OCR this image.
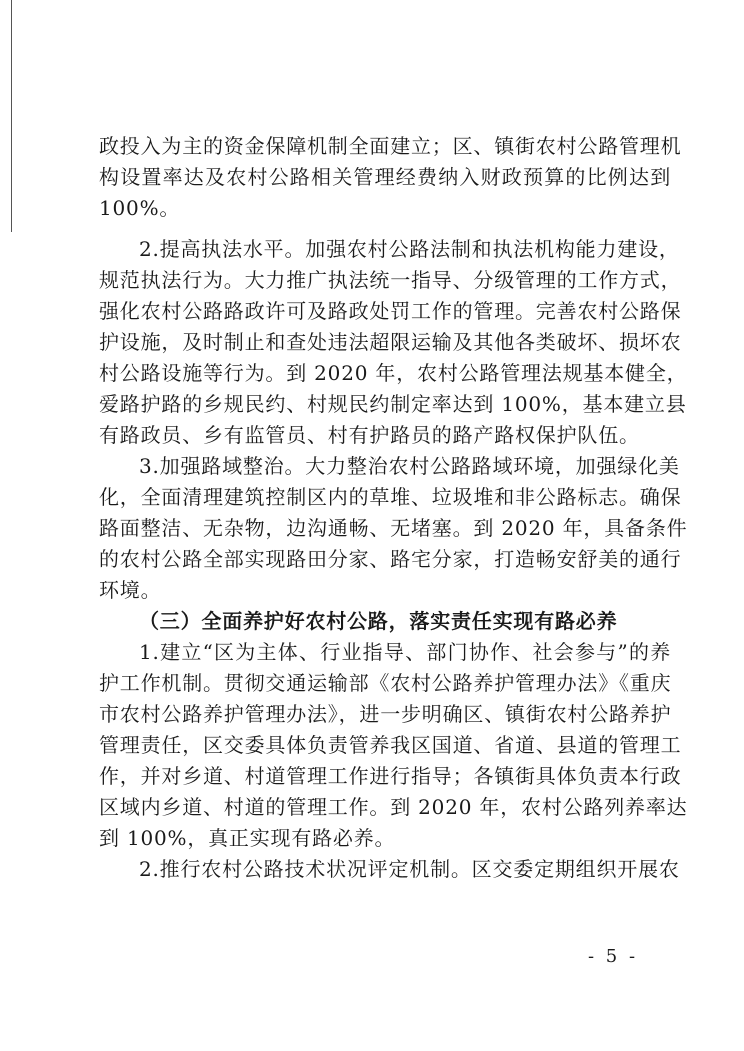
政投入为主的资金保障机制全面建立；区、镇街农村公路管理机
构设置率达及农村公路相关管理经费纳入财政预算的比例达到
100%。
2.提高执法水平。加强农村公路法制和执法机构能力建设，
规范执法行为。大力推广执法统一指导、分级管理的工作方式，
强化农村公路路政许可及路政处罚工作的管理。完善农村公路保
护设施，及时制止和查处违法超限运输及其他各类破坏、损坏农
村公路设施等行为。到 2020 年，农村公路管理法规基本健全，
爱路护路的乡规民约、村规民约制定率达到 100%，基本建立县
有路政员、乡有监管员、村有护路员的路产路权保护队伍。
3.加强路域整治。大力整治农村公路路域环境，加强绿化美
化，全面清理建筑控制区内的草堆、垃圾堆和非公路标志。确保
路面整洁、无杂物，边沟通畅、无堵塞。到 2020 年，具备条件
的农村公路全部实现路田分家、路宅分家，打造畅安舒美的通行
环境。
（三）全面养护好农村公路，落实责任实现有路必养
1.建立“区为主体、行业指导、部门协作、社会参与”的养
护工作机制。贯彻交通运输部《农村公路养护管理办法》《重庆
市农村公路养护管理办法》，进一步明确区、镇街农村公路养护
管理责任，区交委具体负责管养我区国道、省道、县道的管理工
作，并对乡道、村道管理工作进行指导；各镇街具体负责本行政
区域内乡道、村道的管理工作。到 2020 年，农村公路列养率达
到 100%，真正实现有路必养。
2.推行农村公路技术状况评定机制。区交委定期组织开展农
- 5 -
